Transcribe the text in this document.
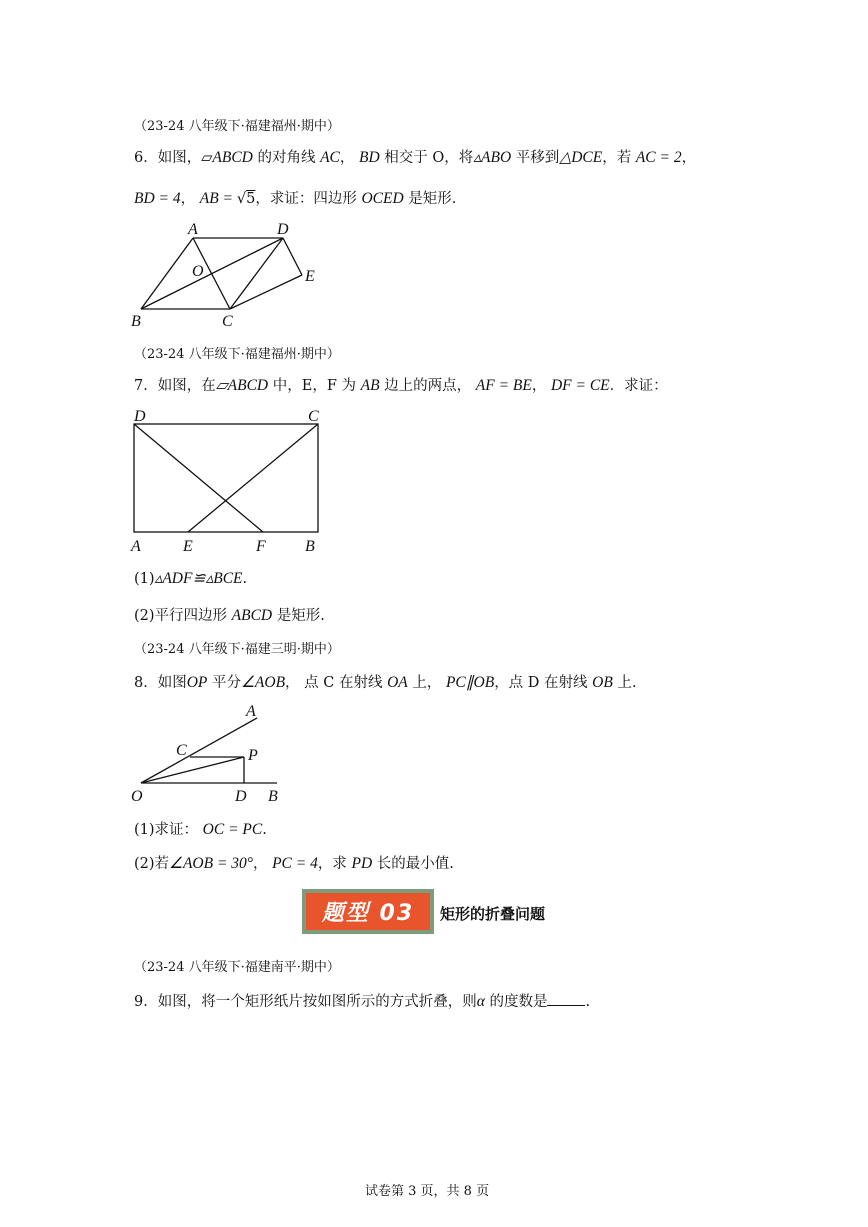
（23-24 八年级下·福建福州·期中）
6．如图，▱ABCD 的对角线 AC， BD 相交于 O，将▵ABO 平移到△DCE，若 AC = 2，
BD = 4， AB = √5，求证：四边形 OCED 是矩形.
A	D
O	E
B	C
（23-24 八年级下·福建福州·期中）
7．如图，在▱ABCD 中，E，F 为 AB 边上的两点， AF = BE， DF = CE．求证：
D	C
A	E	F B
(1)▵ADF≌▵BCE.
(2)平行四边形 ABCD 是矩形.
（23-24 八年级下·福建三明·期中）
8．如图OP 平分∠AOB， 点 C 在射线 OA 上， PC∥OB，点 D 在射线 OB 上.
A
C	P
O	D B
(1)求证： OC = PC.
(2)若∠AOB = 30°， PC = 4，求 PD 长的最小值.
题型 03	矩形的折叠问题
（23-24 八年级下·福建南平·期中）
9．如图，将一个矩形纸片按如图所示的方式折叠，则α 的度数是	.
试卷第 3 页，共 8 页
